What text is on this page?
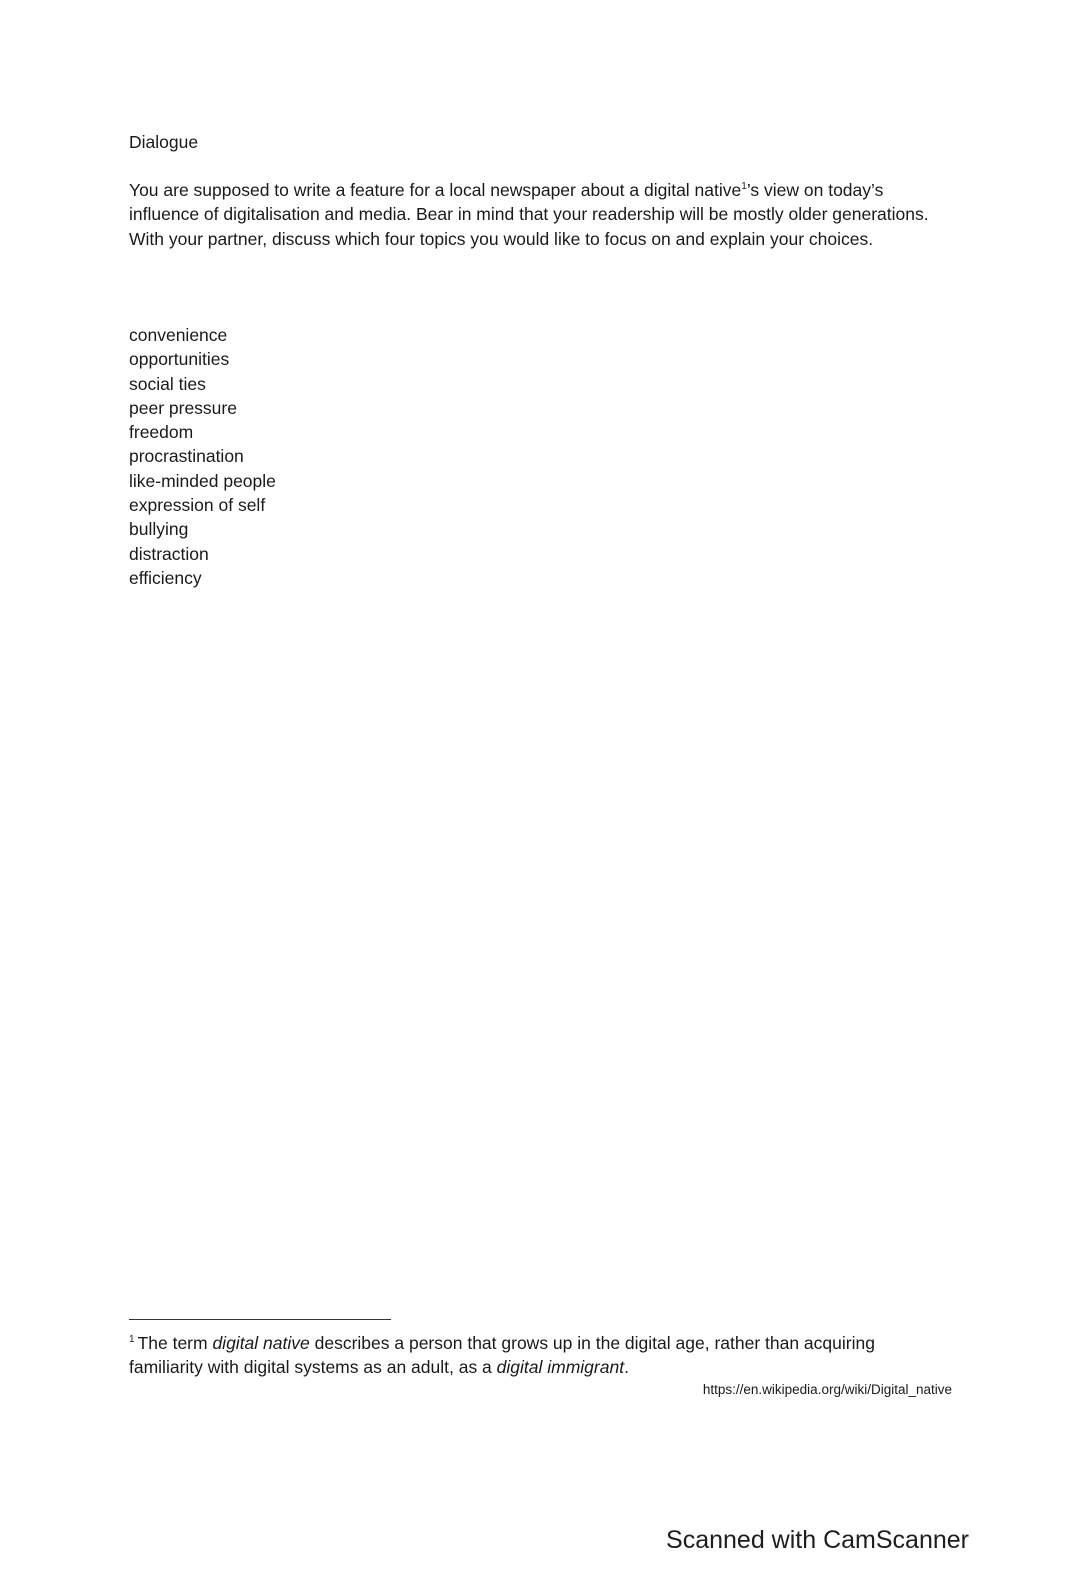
Dialogue

You are supposed to write a feature for a local newspaper about a digital native$^1$’s view on today’s influence of digitalisation and media. Bear in mind that your readership will be mostly older generations.

With your partner, discuss which four topics you would like to focus on and explain your choices.

convenience
opportunities
social ties
peer pressure
freedom
procrastination
like-minded people
expression of self
bullying
distraction
efficiency

$^1$ The term digital native describes a person that grows up in the digital age, rather than acquiring familiarity with digital systems as an adult, as a digital immigrant.

https://en.wikipedia.org/wiki/Digital_native

Scanned with CamScanner
